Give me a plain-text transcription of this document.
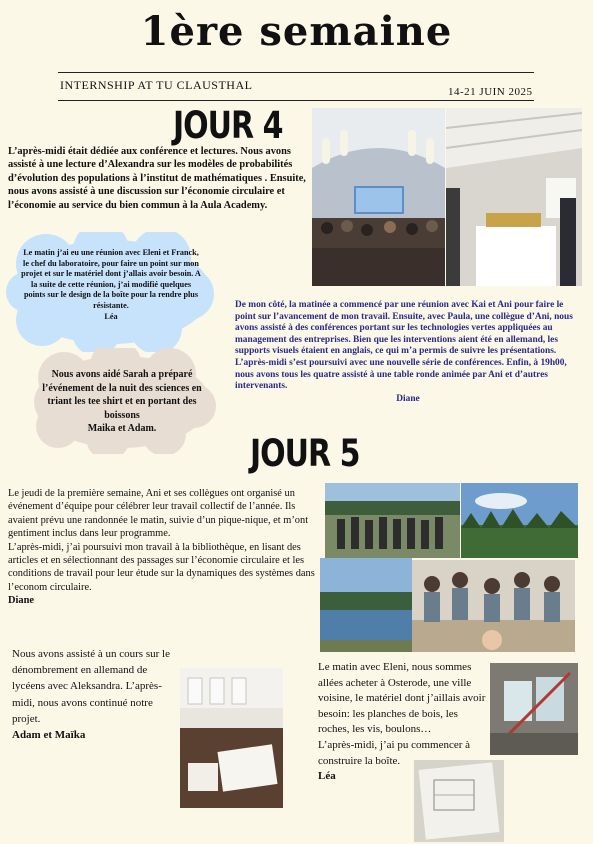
1ère semaine
INTERNSHIP AT TU CLAUSTHAL	14-21 JUIN 2025
JOUR 4
L’après-midi était dédiée aux conférence et lectures. Nous avons assisté à une lecture d’Alexandra sur les modèles de probabilités d’évolution des populations à l’institut de mathématiques . Ensuite, nous avons assisté à une discussion sur l’économie circulaire et l’économie au service du bien commun à la Aula Academy.
Le matin j’ai eu une réunion avec Eleni et Franck, le chef du laboratoire, pour faire un point sur mon projet et sur le matériel dont j’allais avoir besoin. A la suite de cette réunion, j’ai modifié quelques points sur le design de la boîte pour la rendre plus résistante.
Léa
Nous avons aidé Sarah a préparé l’événement de la nuit des sciences en triant les tee shirt et en portant des boissons
Maika et Adam.
De mon côté, la matinée a commencé par une réunion avec Kai et Ani pour faire le point sur l’avancement de mon travail. Ensuite, avec Paula, une collègue d’Ani, nous avons assisté à des conférences portant sur les technologies vertes appliquées au management des entreprises. Bien que les interventions aient été en allemand, les supports visuels étaient en anglais, ce qui m’a permis de suivre les présentations.
L’après-midi s’est poursuivi avec une nouvelle série de conférences. Enfin, à 19h00, nous avons tous les quatre assisté à une table ronde animée par Ani et d’autres intervenants.
Diane
JOUR 5
Le jeudi de la première semaine, Ani et ses collègues ont organisé un événement d’équipe pour célébrer leur travail collectif de l’année. Ils avaient prévu une randonnée le matin, suivie d’un pique-nique, et m’ont gentiment inclus dans leur programme.
L’après-midi, j’ai poursuivi mon travail à la bibliothèque, en lisant des articles et en sélectionnant des passages sur l’économie circulaire et les conditions de travail pour leur étude sur la dynamiques des systèmes dans l’econom circulaire.
Diane
Nous avons assisté à un cours sur le dénombrement en allemand de lycéens avec Aleksandra. L’après-midi, nous avons continué notre projet.
Adam et Maïka
Le matin avec Eleni, nous sommes allées acheter à Osterode, une ville voisine, le matériel dont j’aillais avoir besoin: les planches de bois, les roches, les vis, boulons…
L’après-midi, j’ai pu commencer à construire la boîte.
Léa
